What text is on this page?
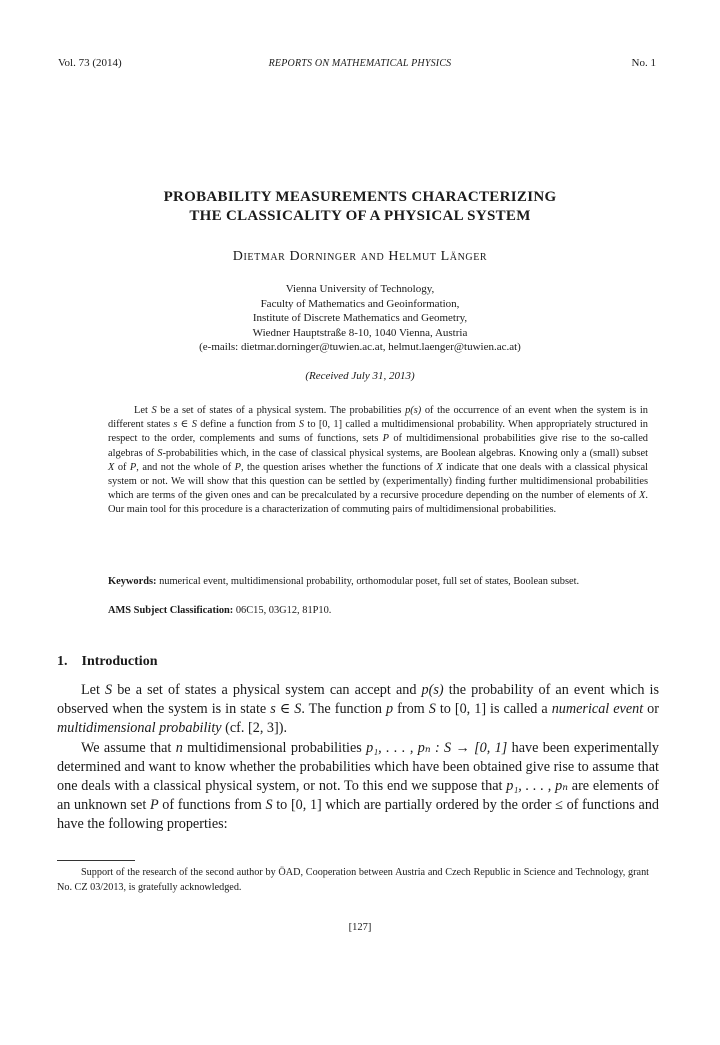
Vol. 73 (2014)	REPORTS ON MATHEMATICAL PHYSICS	No. 1
PROBABILITY MEASUREMENTS CHARACTERIZING
THE CLASSICALITY OF A PHYSICAL SYSTEM
Dietmar Dorninger and Helmut Länger
Vienna University of Technology,
Faculty of Mathematics and Geoinformation,
Institute of Discrete Mathematics and Geometry,
Wiedner Hauptstraße 8-10, 1040 Vienna, Austria
(e-mails: dietmar.dorninger@tuwien.ac.at, helmut.laenger@tuwien.ac.at)
(Received July 31, 2013)

Let S be a set of states of a physical system. The probabilities p(s) of the occurrence of an event when the system is in different states s ∈ S define a function from S to [0, 1] called a multidimensional probability. When appropriately structured in respect to the order, complements and sums of functions, sets P of multidimensional probabilities give rise to the so-called algebras of S-probabilities which, in the case of classical physical systems, are Boolean algebras. Knowing only a (small) subset X of P, and not the whole of P, the question arises whether the functions of X indicate that one deals with a classical physical system or not. We will show that this question can be settled by (experimentally) finding further multidimensional probabilities which are terms of the given ones and can be precalculated by a recursive procedure depending on the number of elements of X. Our main tool for this procedure is a characterization of commuting pairs of multidimensional probabilities.

Keywords: numerical event, multidimensional probability, orthomodular poset, full set of states, Boolean subset.
AMS Subject Classification: 06C15, 03G12, 81P10.
1. Introduction

Let S be a set of states a physical system can accept and p(s) the probability of an event which is observed when the system is in state s ∈ S. The function p from S to [0, 1] is called a numerical event or multidimensional probability (cf. [2, 3]).

We assume that n multidimensional probabilities p₁, . . . , pₙ : S → [0, 1] have been experimentally determined and want to know whether the probabilities which have been obtained give rise to assume that one deals with a classical physical system, or not. To this end we suppose that p₁, . . . , pₙ are elements of an unknown set P of functions from S to [0, 1] which are partially ordered by the order ≤ of functions and have the following properties:

Support of the research of the second author by ÖAD, Cooperation between Austria and Czech Republic in Science and Technology, grant No. CZ 03/2013, is gratefully acknowledged.

[127]
